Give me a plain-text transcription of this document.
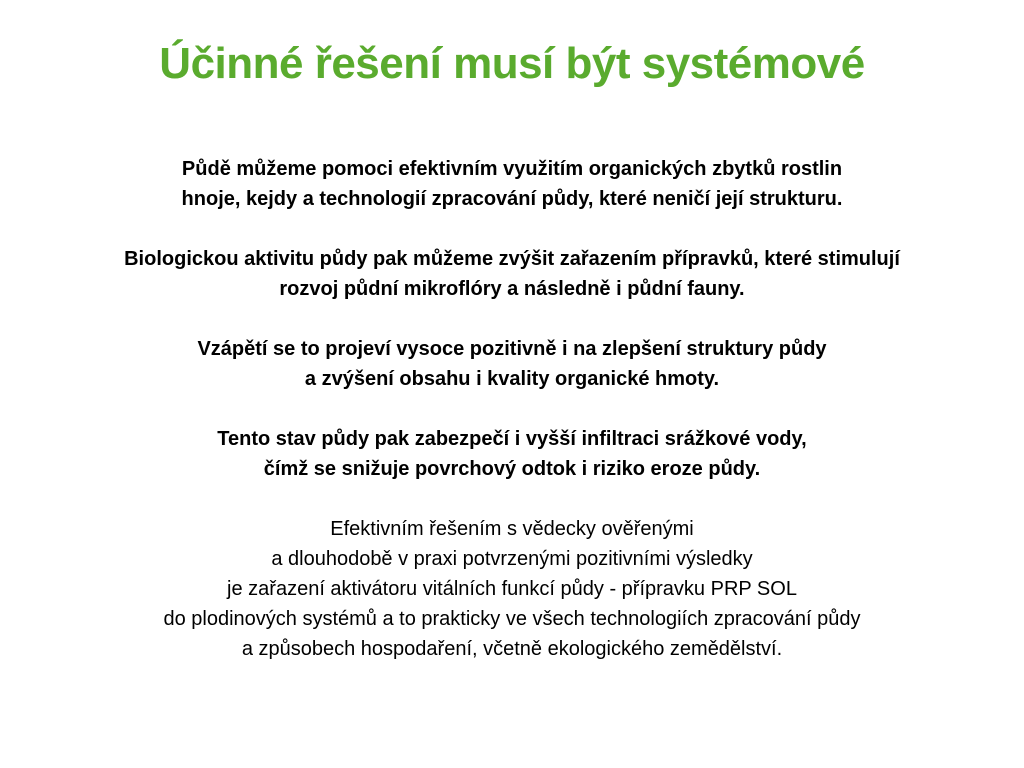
Účinné řešení musí být systémové

Půdě můžeme pomoci efektivním využitím organických zbytků rostlin
hnoje, kejdy a technologií zpracování půdy, které neničí její strukturu.

Biologickou aktivitu půdy pak můžeme zvýšit zařazením přípravků, které stimulují
rozvoj půdní mikroflóry a následně i půdní fauny.

Vzápětí se to projeví vysoce pozitivně i na zlepšení struktury půdy
a zvýšení obsahu i kvality organické hmoty.

Tento stav půdy pak zabezpečí i vyšší infiltraci srážkové vody,
čímž se snižuje povrchový odtok i riziko eroze půdy.

Efektivním řešením s vědecky ověřenými
a dlouhodobě v praxi potvrzenými pozitivními výsledky
je zařazení aktivátoru vitálních funkcí půdy - přípravku PRP SOL
do plodinových systémů a to prakticky ve všech technologiích zpracování půdy
a způsobech hospodaření, včetně ekologického zemědělství.
